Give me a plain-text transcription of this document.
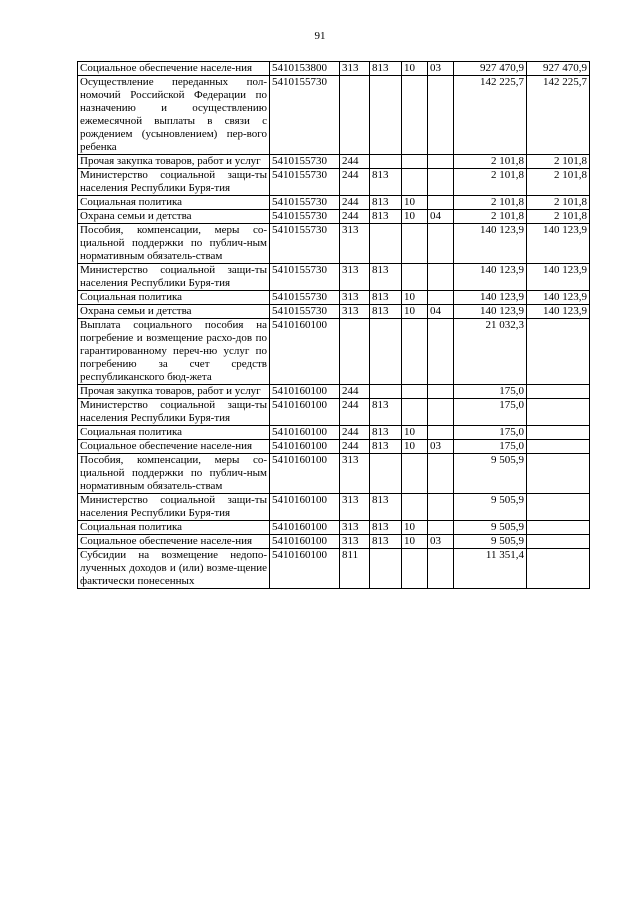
91
Социальное обеспечение населе-ния	5410153800	313	813	10	03	927 470,9	927 470,9
Осуществление переданных пол-номочий Российской Федерации по назначению и осуществлению ежемесячной выплаты в связи с рождением (усыновлением) пер-вого ребенка	5410155730					142 225,7	142 225,7
Прочая закупка товаров, работ и услуг	5410155730	244				2 101,8	2 101,8
Министерство социальной защи-ты населения Республики Буря-тия	5410155730	244	813			2 101,8	2 101,8
Социальная политика	5410155730	244	813	10		2 101,8	2 101,8
Охрана семьи и детства	5410155730	244	813	10	04	2 101,8	2 101,8
Пособия, компенсации, меры со-циальной поддержки по публич-ным нормативным обязатель-ствам	5410155730	313				140 123,9	140 123,9
Министерство социальной защи-ты населения Республики Буря-тия	5410155730	313	813			140 123,9	140 123,9
Социальная политика	5410155730	313	813	10		140 123,9	140 123,9
Охрана семьи и детства	5410155730	313	813	10	04	140 123,9	140 123,9
Выплата социального пособия на погребение и возмещение расхо-дов по гарантированному переч-ню услуг по погребению за счет средств республиканского бюд-жета	5410160100					21 032,3	
Прочая закупка товаров, работ и услуг	5410160100	244				175,0	
Министерство социальной защи-ты населения Республики Буря-тия	5410160100	244	813			175,0	
Социальная политика	5410160100	244	813	10		175,0	
Социальное обеспечение населе-ния	5410160100	244	813	10	03	175,0	
Пособия, компенсации, меры со-циальной поддержки по публич-ным нормативным обязатель-ствам	5410160100	313				9 505,9	
Министерство социальной защи-ты населения Республики Буря-тия	5410160100	313	813			9 505,9	
Социальная политика	5410160100	313	813	10		9 505,9	
Социальное обеспечение населе-ния	5410160100	313	813	10	03	9 505,9	
Субсидии на возмещение недопо-лученных доходов и (или) возме-щение фактически понесенных	5410160100	811				11 351,4	
